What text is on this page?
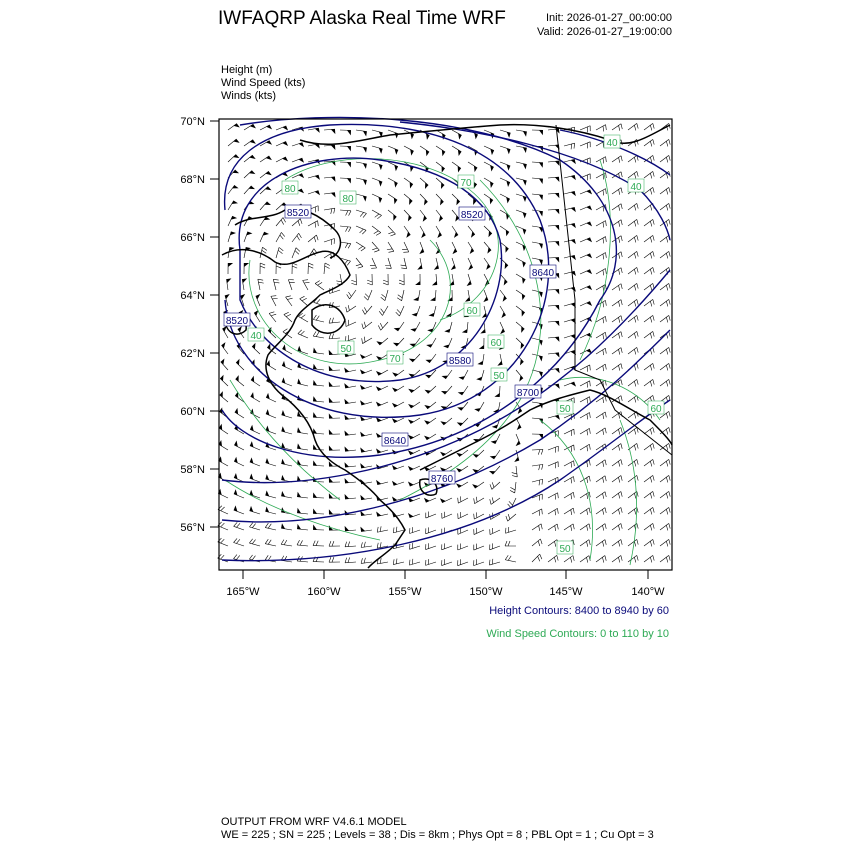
IWFAQRP Alaska Real Time WRF	Init: 2026-01-27_00:00:00
Valid: 2026-01-27_19:00:00
Height (m)
Wind Speed (kts)
Winds (kts)
8520	8520
8520
8640
8640
8700
8760
8580
80
80
70
60
70
60
50
50
40
50
40
40
60
50
70°N
68°N
66°N
64°N
62°N
60°N
58°N
56°N
165°W	160°W	155°W	150°W	145°W	140°W
Height Contours: 8400 to 8940 by 60
Wind Speed Contours: 0 to 110 by 10
OUTPUT FROM WRF V4.6.1 MODEL
WE = 225 ; SN = 225 ; Levels = 38 ; Dis = 8km ; Phys Opt = 8 ; PBL Opt = 1 ; Cu Opt = 3
